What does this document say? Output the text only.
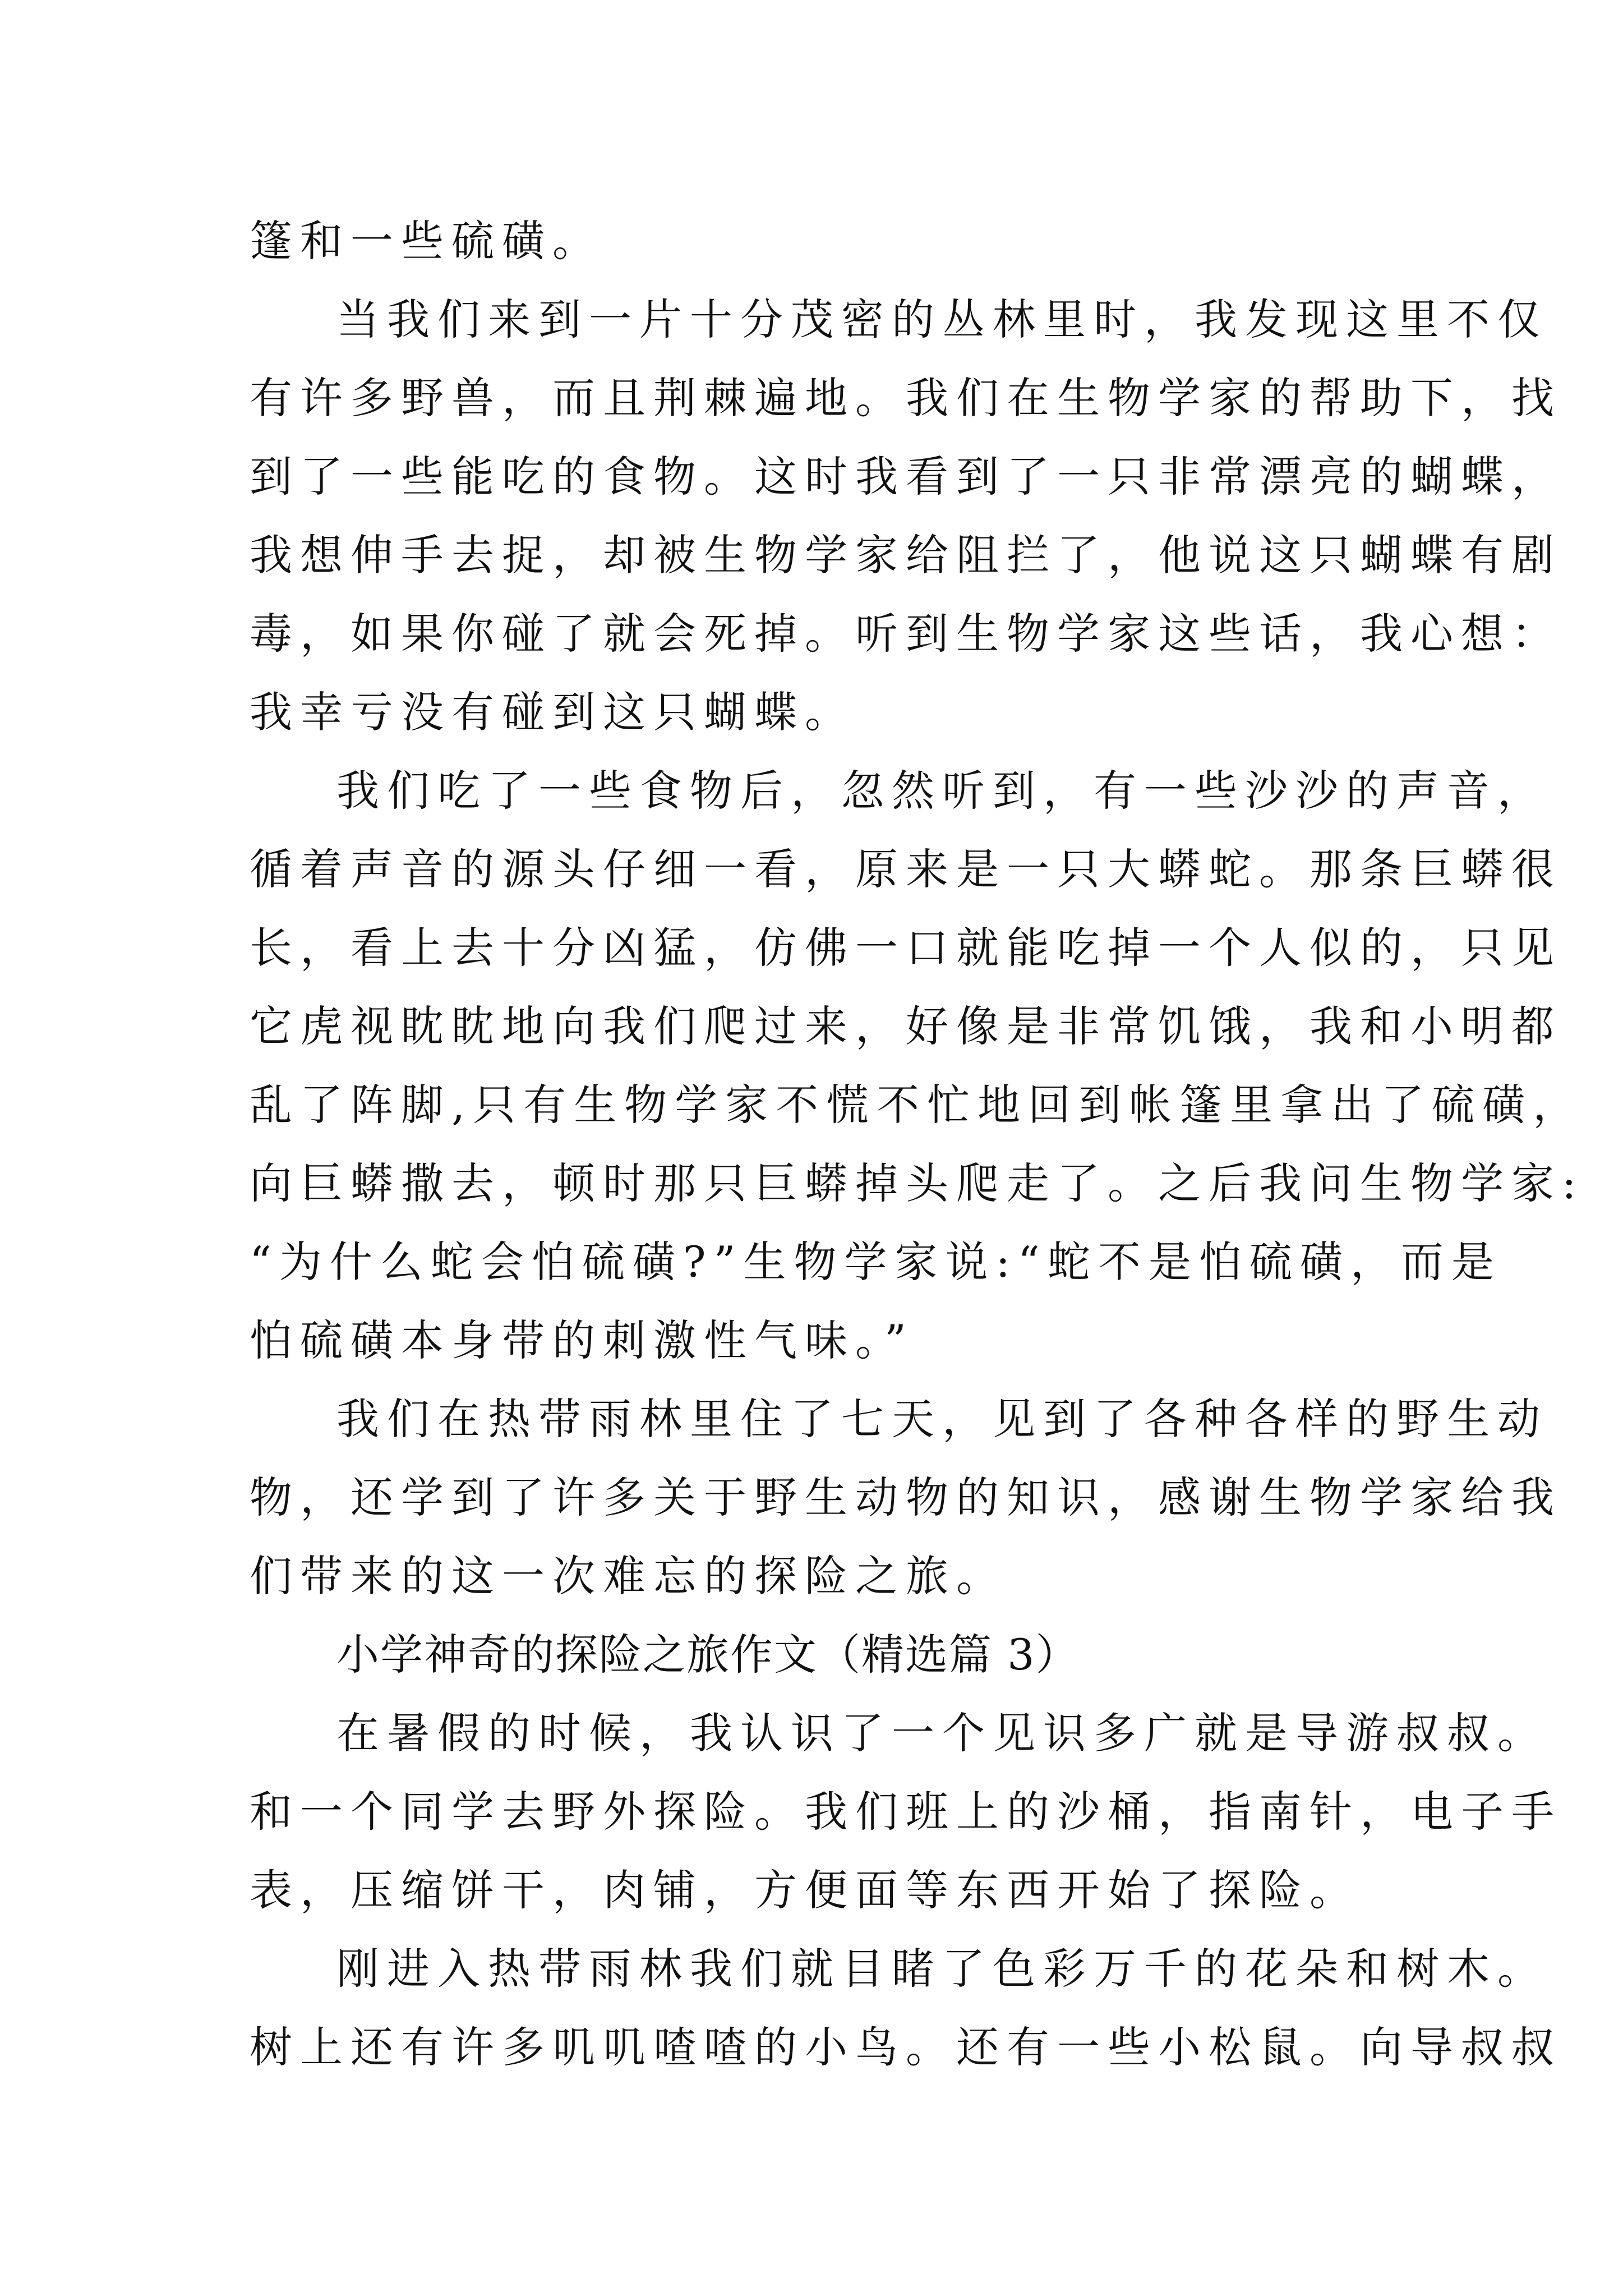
篷和一些硫磺。
当我们来到一片十分茂密的丛林里时，我发现这里不仅
有许多野兽，而且荆棘遍地。我们在生物学家的帮助下，找
到了一些能吃的食物。这时我看到了一只非常漂亮的蝴蝶，
我想伸手去捉，却被生物学家给阻拦了，他说这只蝴蝶有剧
毒，如果你碰了就会死掉。听到生物学家这些话，我心想：
我幸亏没有碰到这只蝴蝶。
我们吃了一些食物后，忽然听到，有一些沙沙的声音，
循着声音的源头仔细一看，原来是一只大蟒蛇。那条巨蟒很
长，看上去十分凶猛，仿佛一口就能吃掉一个人似的，只见
它虎视眈眈地向我们爬过来，好像是非常饥饿，我和小明都
乱了阵脚,只有生物学家不慌不忙地回到帐篷里拿出了硫磺，
向巨蟒撒去，顿时那只巨蟒掉头爬走了。之后我问生物学家:
“为什么蛇会怕硫磺?”生物学家说:“蛇不是怕硫磺，而是
怕硫磺本身带的刺激性气味。”
我们在热带雨林里住了七天，见到了各种各样的野生动
物，还学到了许多关于野生动物的知识，感谢生物学家给我
们带来的这一次难忘的探险之旅。
小学神奇的探险之旅作文（精选篇 3）
在暑假的时候，我认识了一个见识多广就是导游叔叔。
和一个同学去野外探险。我们班上的沙桶，指南针，电子手
表，压缩饼干，肉铺，方便面等东西开始了探险。
刚进入热带雨林我们就目睹了色彩万千的花朵和树木。
树上还有许多叽叽喳喳的小鸟。还有一些小松鼠。向导叔叔
